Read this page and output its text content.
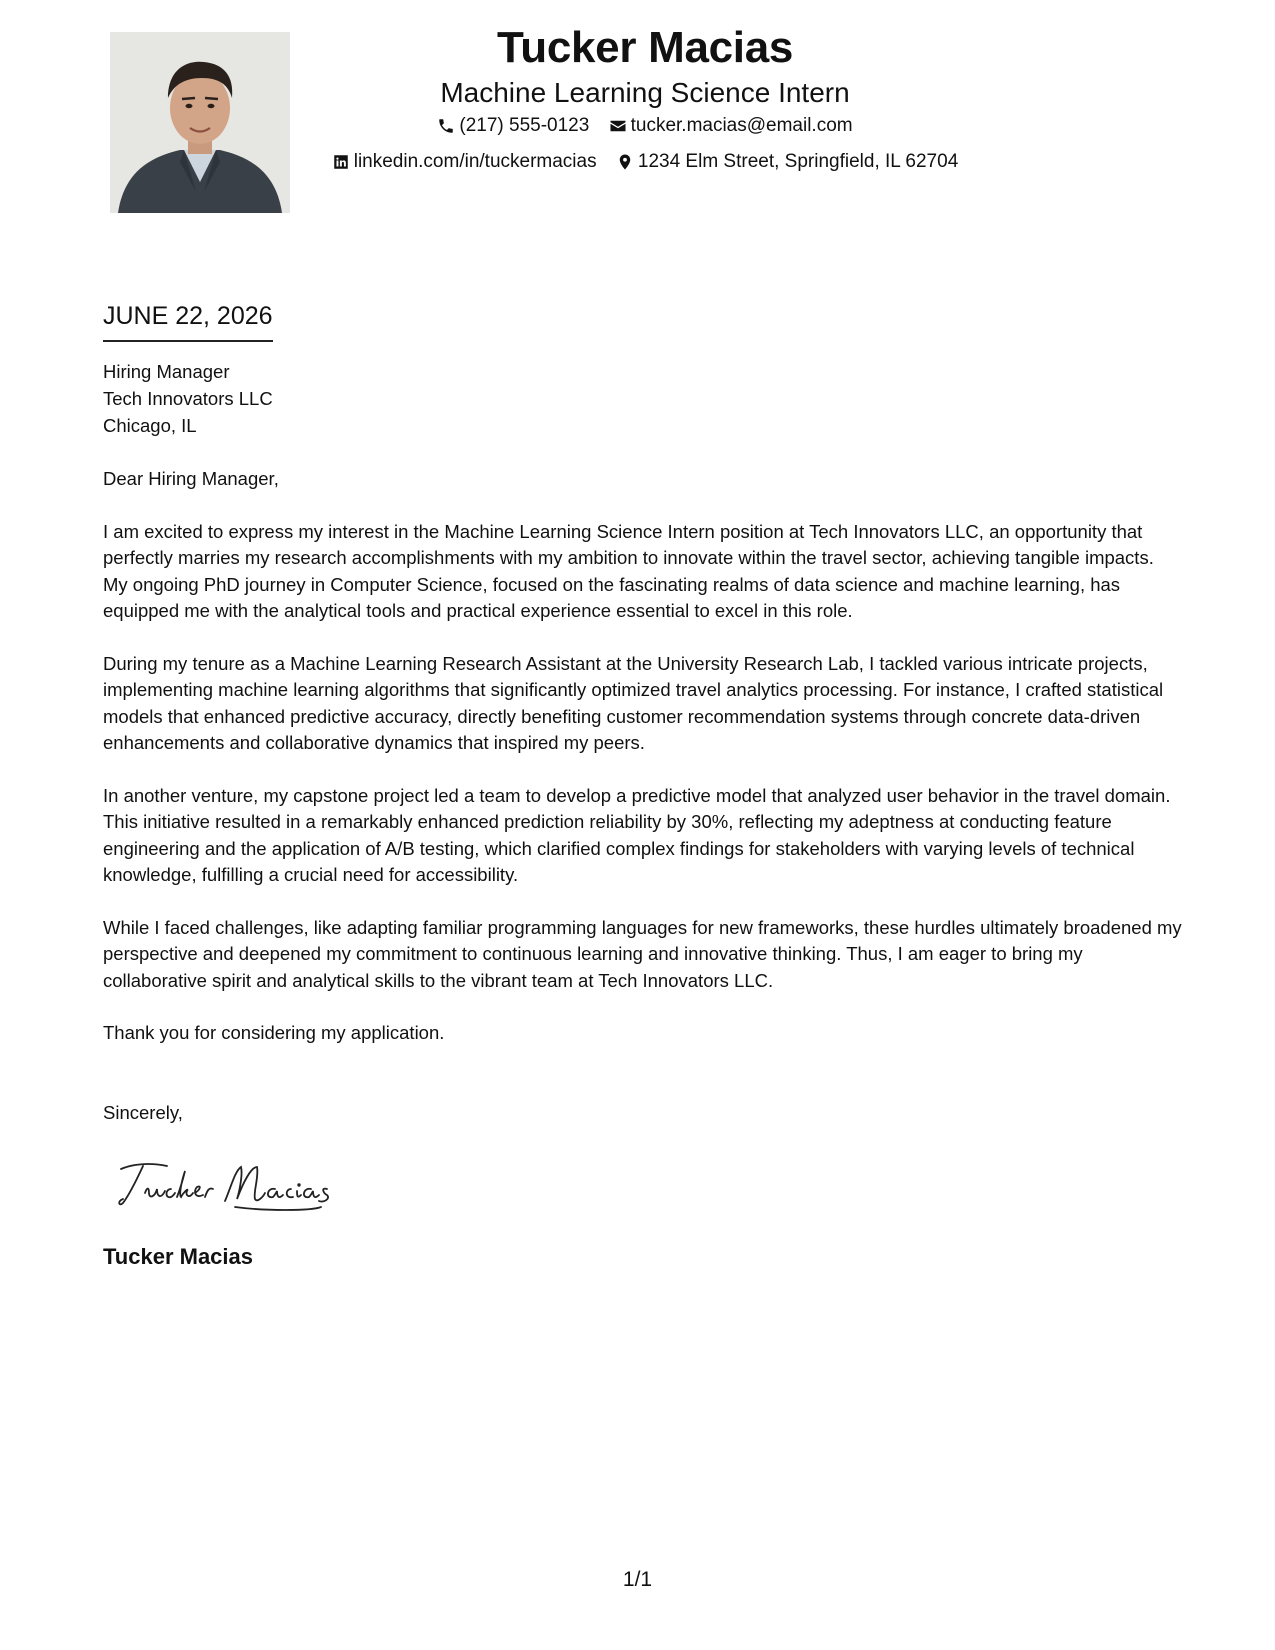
Tucker Macias
Machine Learning Science Intern
(217) 555-0123
tucker.macias@email.com
linkedin.com/in/tuckermacias
1234 Elm Street, Springfield, IL 62704
JUNE 22, 2026
Hiring Manager
Tech Innovators LLC
Chicago, IL

Dear Hiring Manager,

I am excited to express my interest in the Machine Learning Science Intern position at Tech Innovators LLC, an opportunity that perfectly marries my research accomplishments with my ambition to innovate within the travel sector, achieving tangible impacts. My ongoing PhD journey in Computer Science, focused on the fascinating realms of data science and machine learning, has equipped me with the analytical tools and practical experience essential to excel in this role.

During my tenure as a Machine Learning Research Assistant at the University Research Lab, I tackled various intricate projects, implementing machine learning algorithms that significantly optimized travel analytics processing. For instance, I crafted statistical models that enhanced predictive accuracy, directly benefiting customer recommendation systems through concrete data-driven enhancements and collaborative dynamics that inspired my peers.

In another venture, my capstone project led a team to develop a predictive model that analyzed user behavior in the travel domain. This initiative resulted in a remarkably enhanced prediction reliability by 30%, reflecting my adeptness at conducting feature engineering and the application of A/B testing, which clarified complex findings for stakeholders with varying levels of technical knowledge, fulfilling a crucial need for accessibility.

While I faced challenges, like adapting familiar programming languages for new frameworks, these hurdles ultimately broadened my perspective and deepened my commitment to continuous learning and innovative thinking. Thus, I am eager to bring my collaborative spirit and analytical skills to the vibrant team at Tech Innovators LLC.

Thank you for considering my application.

Sincerely,
Tucker Macias
1/1
